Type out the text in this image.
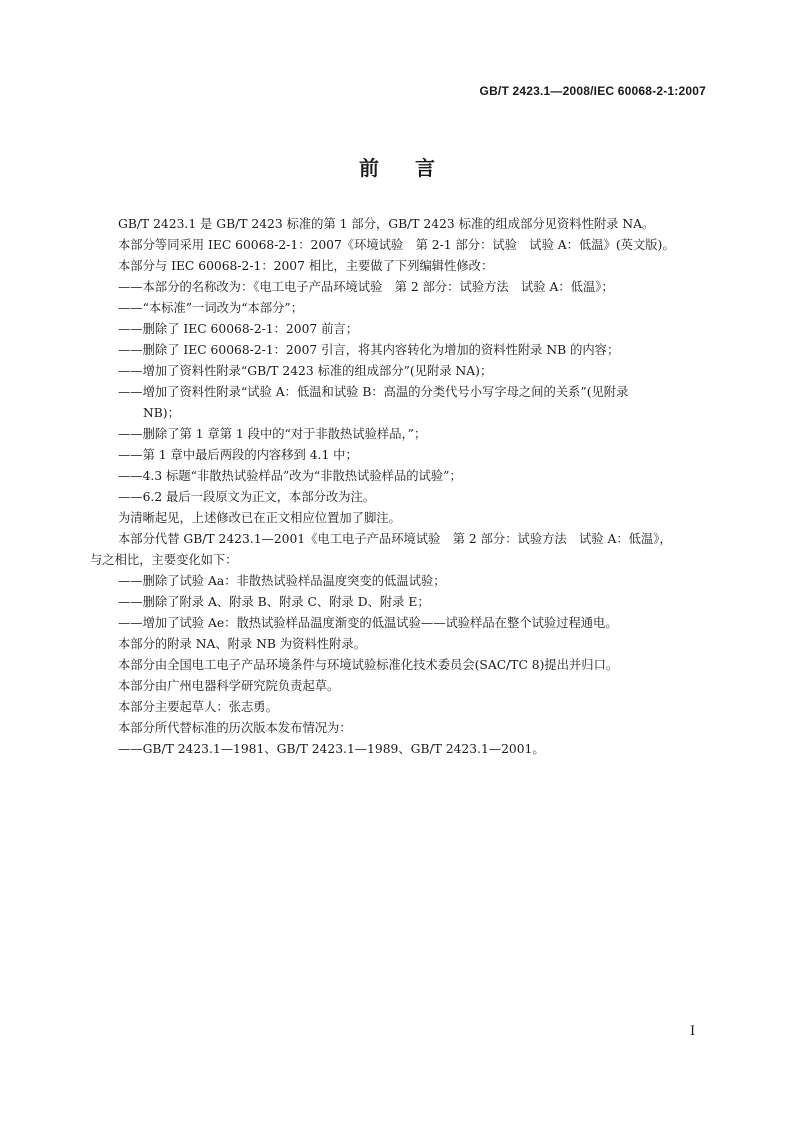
GB/T 2423.1—2008/IEC 60068-2-1:2007
前言
GB/T 2423.1 是 GB/T 2423 标准的第 1 部分，GB/T 2423 标准的组成部分见资料性附录 NA。
本部分等同采用 IEC 60068-2-1：2007《环境试验　第 2-1 部分：试验　试验 A：低温》(英文版)。
本部分与 IEC 60068-2-1：2007 相比，主要做了下列编辑性修改：
——本部分的名称改为：《电工电子产品环境试验　第 2 部分：试验方法　试验 A：低温》；
——“本标准”一词改为“本部分”；
——删除了 IEC 60068-2-1：2007 前言；
——删除了 IEC 60068-2-1：2007 引言，将其内容转化为增加的资料性附录 NB 的内容；
——增加了资料性附录“GB/T 2423 标准的组成部分”(见附录 NA)；
——增加了资料性附录“试验 A：低温和试验 B：高温的分类代号小写字母之间的关系”(见附录
NB)；
——删除了第 1 章第 1 段中的“对于非散热试验样品，”；
——第 1 章中最后两段的内容移到 4.1 中；
——4.3 标题“非散热试验样品”改为“非散热试验样品的试验”；
——6.2 最后一段原文为正文，本部分改为注。
为清晰起见，上述修改已在正文相应位置加了脚注。
本部分代替 GB/T 2423.1—2001《电工电子产品环境试验　第 2 部分：试验方法　试验 A：低温》，
与之相比，主要变化如下：
——删除了试验 Aa：非散热试验样品温度突变的低温试验；
——删除了附录 A、附录 B、附录 C、附录 D、附录 E；
——增加了试验 Ae：散热试验样品温度渐变的低温试验——试验样品在整个试验过程通电。
本部分的附录 NA、附录 NB 为资料性附录。
本部分由全国电工电子产品环境条件与环境试验标准化技术委员会(SAC/TC 8)提出并归口。
本部分由广州电器科学研究院负责起草。
本部分主要起草人：张志勇。
本部分所代替标准的历次版本发布情况为：
——GB/T 2423.1—1981、GB/T 2423.1—1989、GB/T 2423.1—2001。
I
